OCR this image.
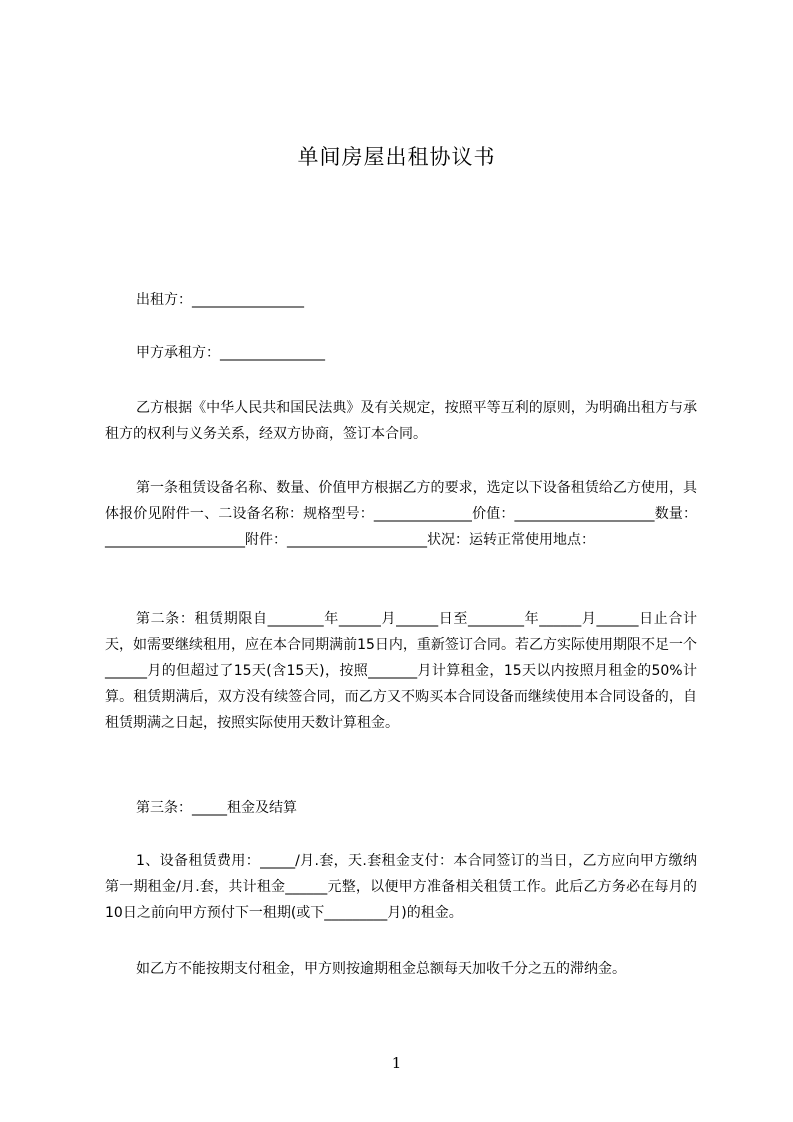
单间房屋出租协议书
出租方：________________
甲方承租方：_______________
乙方根据《中华人民共和国民法典》及有关规定，按照平等互利的原则，为明确出租方与承租方的权利与义务关系，经双方协商，签订本合同。
第一条租赁设备名称、数量、价值甲方根据乙方的要求，选定以下设备租赁给乙方使用，具体报价见附件一、二设备名称：规格型号：______________价值：____________________数量：____________________附件：____________________状况：运转正常使用地点：
第二条：租赁期限自________年______月______日至________年______月______日止合计天，如需要继续租用，应在本合同期满前15日内，重新签订合同。若乙方实际使用期限不足一个______月的但超过了15天(含15天)，按照_______月计算租金，15天以内按照月租金的50%计算。租赁期满后，双方没有续签合同，而乙方又不购买本合同设备而继续使用本合同设备的，自租赁期满之日起，按照实际使用天数计算租金。
第三条：_____租金及结算
1、设备租赁费用：_____/月.套，天.套租金支付：本合同签订的当日，乙方应向甲方缴纳第一期租金/月.套，共计租金______元整，以便甲方准备相关租赁工作。此后乙方务必在每月的10日之前向甲方预付下一租期(或下_________月)的租金。
如乙方不能按期支付租金，甲方则按逾期租金总额每天加收千分之五的滞纳金。
1
